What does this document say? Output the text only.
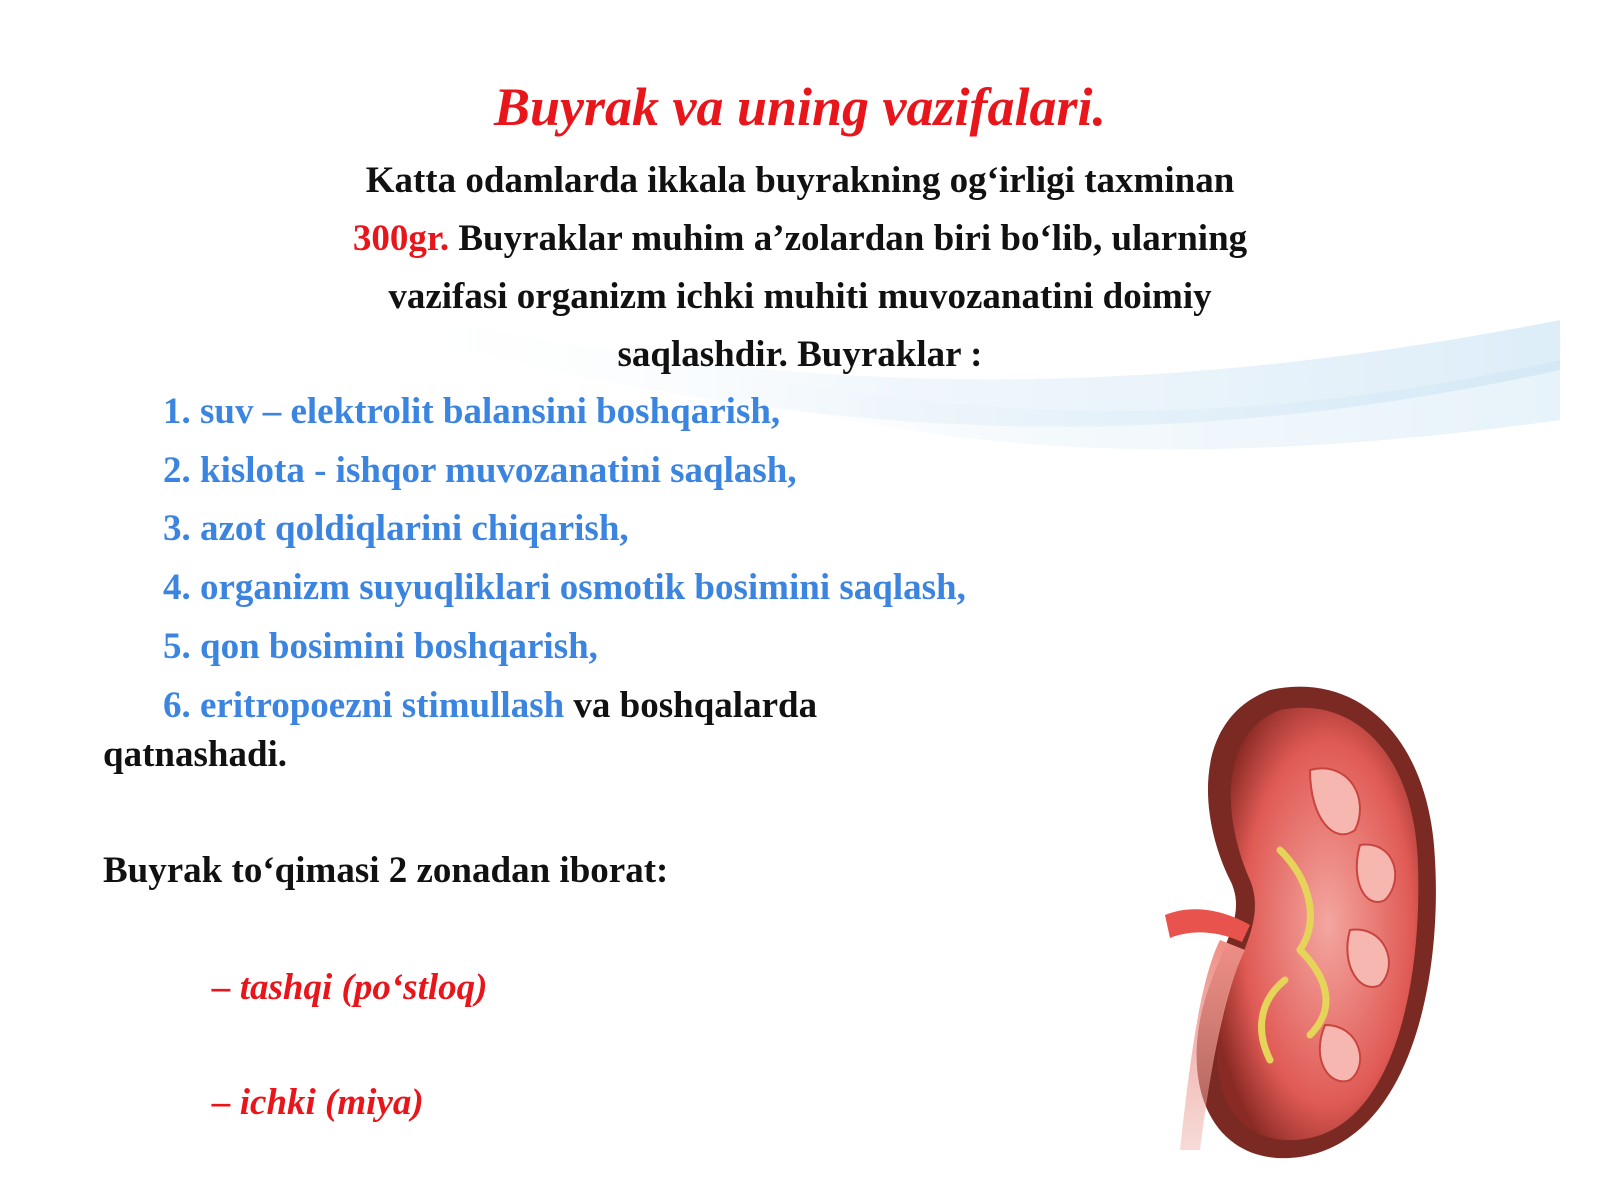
Buyrak va uning vazifalari.
Katta odamlarda ikkala buyrakning og‘irligi taxminan
300gr. Buyraklar muhim a’zolardan biri bo‘lib, ularning
vazifasi organizm ichki muhiti muvozanatini doimiy
saqlashdir. Buyraklar :
1. suv – elektrolit balansini boshqarish,
2. kislota - ishqor muvozanatini saqlash,
3. azot qoldiqlarini chiqarish,
4. organizm suyuqliklari osmotik bosimini saqlash,
5. qon bosimini boshqarish,
6. eritropoezni stimullash va boshqalarda
qatnashadi.
Buyrak to‘qimasi 2 zonadan iborat:
– tashqi (po‘stloq)
– ichki (miya)
